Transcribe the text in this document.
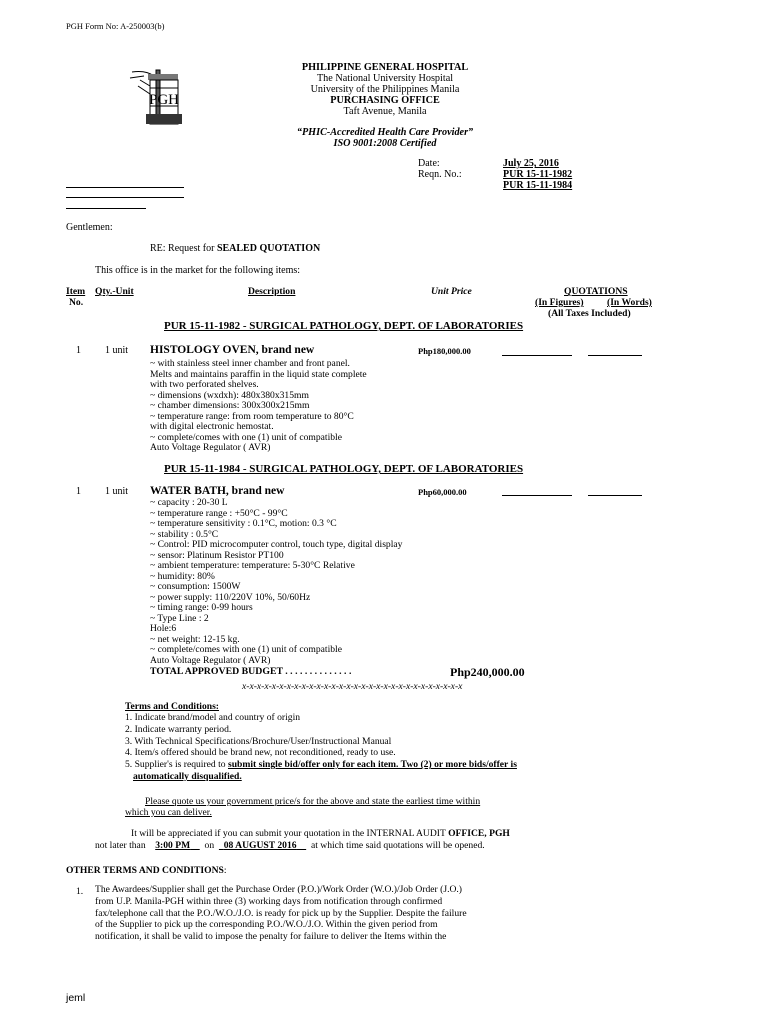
PGH Form No: A-250003(b)
PGH
PHILIPPINE GENERAL HOSPITAL
The National University Hospital
University of the Philippines Manila
PURCHASING OFFICE
Taft Avenue, Manila
“PHIC-Accredited Health Care Provider”
ISO 9001:2008 Certified
Date:	July 25, 2016
Reqn. No.:	PUR 15-11-1982
PUR 15-11-1984
Gentlemen:
RE: Request for SEALED QUOTATION
This office is in the market for the following items:
Item
No.
Qty.-Unit	Description	Unit Price	QUOTATIONS
(In Figures) (In Words)
(All Taxes Included)
PUR 15-11-1982 - SURGICAL PATHOLOGY, DEPT. OF LABORATORIES
1 1 unit HISTOLOGY OVEN, brand new	Php180,000.00
~ with stainless steel inner chamber and front panel.
Melts and maintains paraffin in the liquid state complete
with two perforated shelves.
~ dimensions (wxdxh): 480x380x315mm
~ chamber dimensions: 300x300x215mm
~ temperature range: from room temperature to 80°C
with digital electronic hemostat.
~ complete/comes with one (1) unit of compatible
Auto Voltage Regulator ( AVR)
PUR 15-11-1984 - SURGICAL PATHOLOGY, DEPT. OF LABORATORIES
1 1 unit WATER BATH, brand new	Php60,000.00
~ capacity : 20-30 L
~ temperature range : +50°C - 99°C
~ temperature sensitivity : 0.1°C, motion: 0.3 °C
~ stability : 0.5°C
~ Control: PID microcomputer control, touch type, digital display
~ sensor: Platinum Resistor PT100
~ ambient temperature: temperature: 5-30°C Relative
~ humidity: 80%
~ consumption: 1500W
~ power supply: 110/220V 10%, 50/60Hz
~ timing range: 0-99 hours
~ Type Line : 2
Hole:6
~ net weight: 12-15 kg.
~ complete/comes with one (1) unit of compatible
Auto Voltage Regulator ( AVR)
TOTAL APPROVED BUDGET . . . . . . . . . . . . . .	Php240,000.00
x-x-x-x-x-x-x-x-x-x-x-x-x-x-x-x-x-x-x-x-x-x-x-x-x-x-x-x-x-x
Terms and Conditions:
1. Indicate brand/model and country of origin
2. Indicate warranty period.
3. With Technical Specifications/Brochure/User/Instructional Manual
4. Item/s offered should be brand new, not reconditioned, ready to use.
5. Supplier's is required to submit single bid/offer only for each item. Two (2) or more bids/offer is
automatically disqualified.
Please quote us your government price/s for the above and state the earliest time within
which you can deliver.
It will be appreciated if you can submit your quotation in the INTERNAL AUDIT OFFICE, PGH
not later than 3:00 PM on 08 AUGUST 2016 at which time said quotations will be opened.
OTHER TERMS AND CONDITIONS:
1. The Awardees/Supplier shall get the Purchase Order (P.O.)/Work Order (W.O.)/Job Order (J.O.)
from U.P. Manila-PGH within three (3) working days from notification through confirmed
fax/telephone call that the P.O./W.O./J.O. is ready for pick up by the Supplier. Despite the failure
of the Supplier to pick up the corresponding P.O./W.O./J.O. Within the given period from
notification, it shall be valid to impose the penalty for failure to deliver the Items within the
jeml
